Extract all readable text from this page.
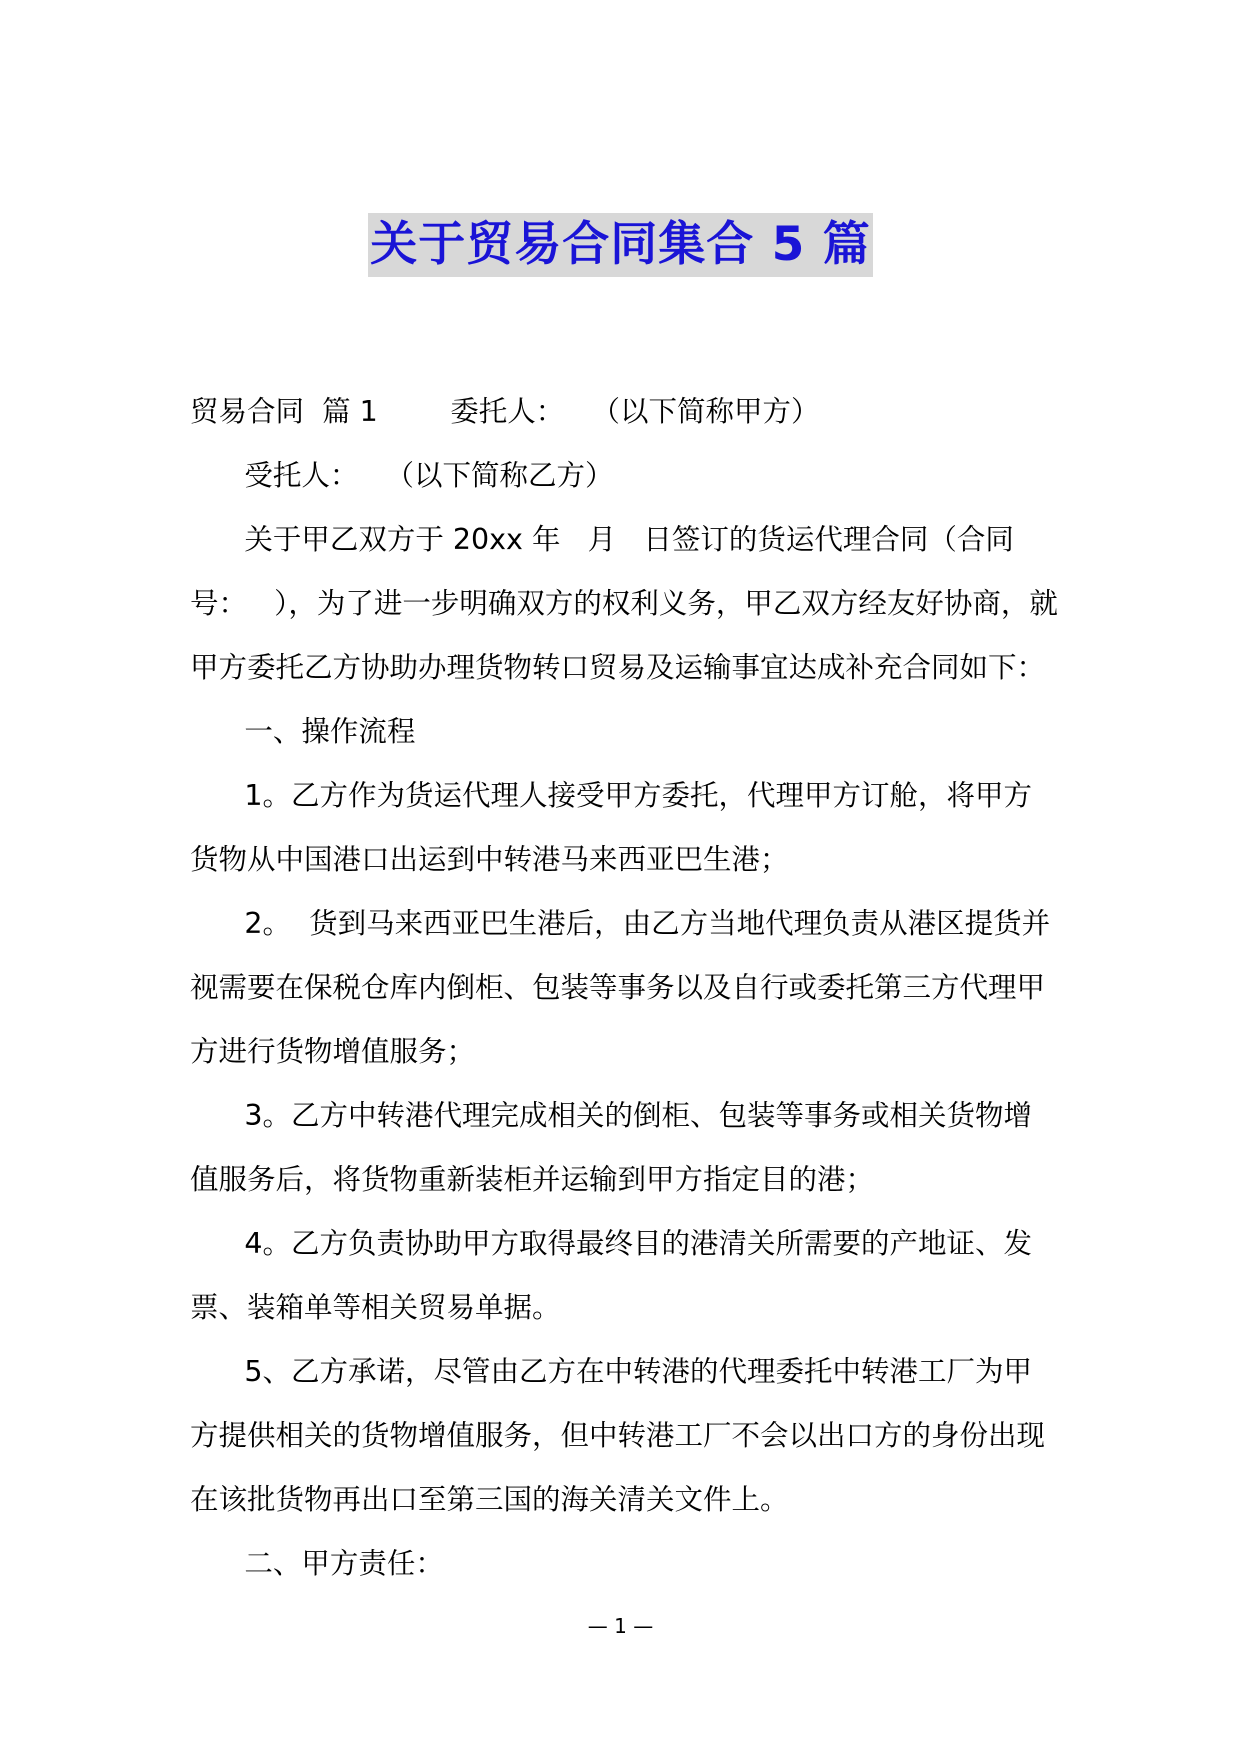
关于贸易合同集合 5 篇
贸易合同  篇 1        委托人：   （以下简称甲方）
受托人：   （以下简称乙方）
关于甲乙双方于 20xx 年   月   日签订的货运代理合同（合同
号：   ），为了进一步明确双方的权利义务，甲乙双方经友好协商，就
甲方委托乙方协助办理货物转口贸易及运输事宜达成补充合同如下：
一、操作流程
1。乙方作为货运代理人接受甲方委托，代理甲方订舱，将甲方
货物从中国港口出运到中转港马来西亚巴生港；
2。  货到马来西亚巴生港后，由乙方当地代理负责从港区提货并
视需要在保税仓库内倒柜、包装等事务以及自行或委托第三方代理甲
方进行货物增值服务；
3。乙方中转港代理完成相关的倒柜、包装等事务或相关货物增
值服务后，将货物重新装柜并运输到甲方指定目的港；
4。乙方负责协助甲方取得最终目的港清关所需要的产地证、发
票、装箱单等相关贸易单据。
5、乙方承诺，尽管由乙方在中转港的代理委托中转港工厂为甲
方提供相关的货物增值服务，但中转港工厂不会以出口方的身份出现
在该批货物再出口至第三国的海关清关文件上。
二、甲方责任：
— 1 —
